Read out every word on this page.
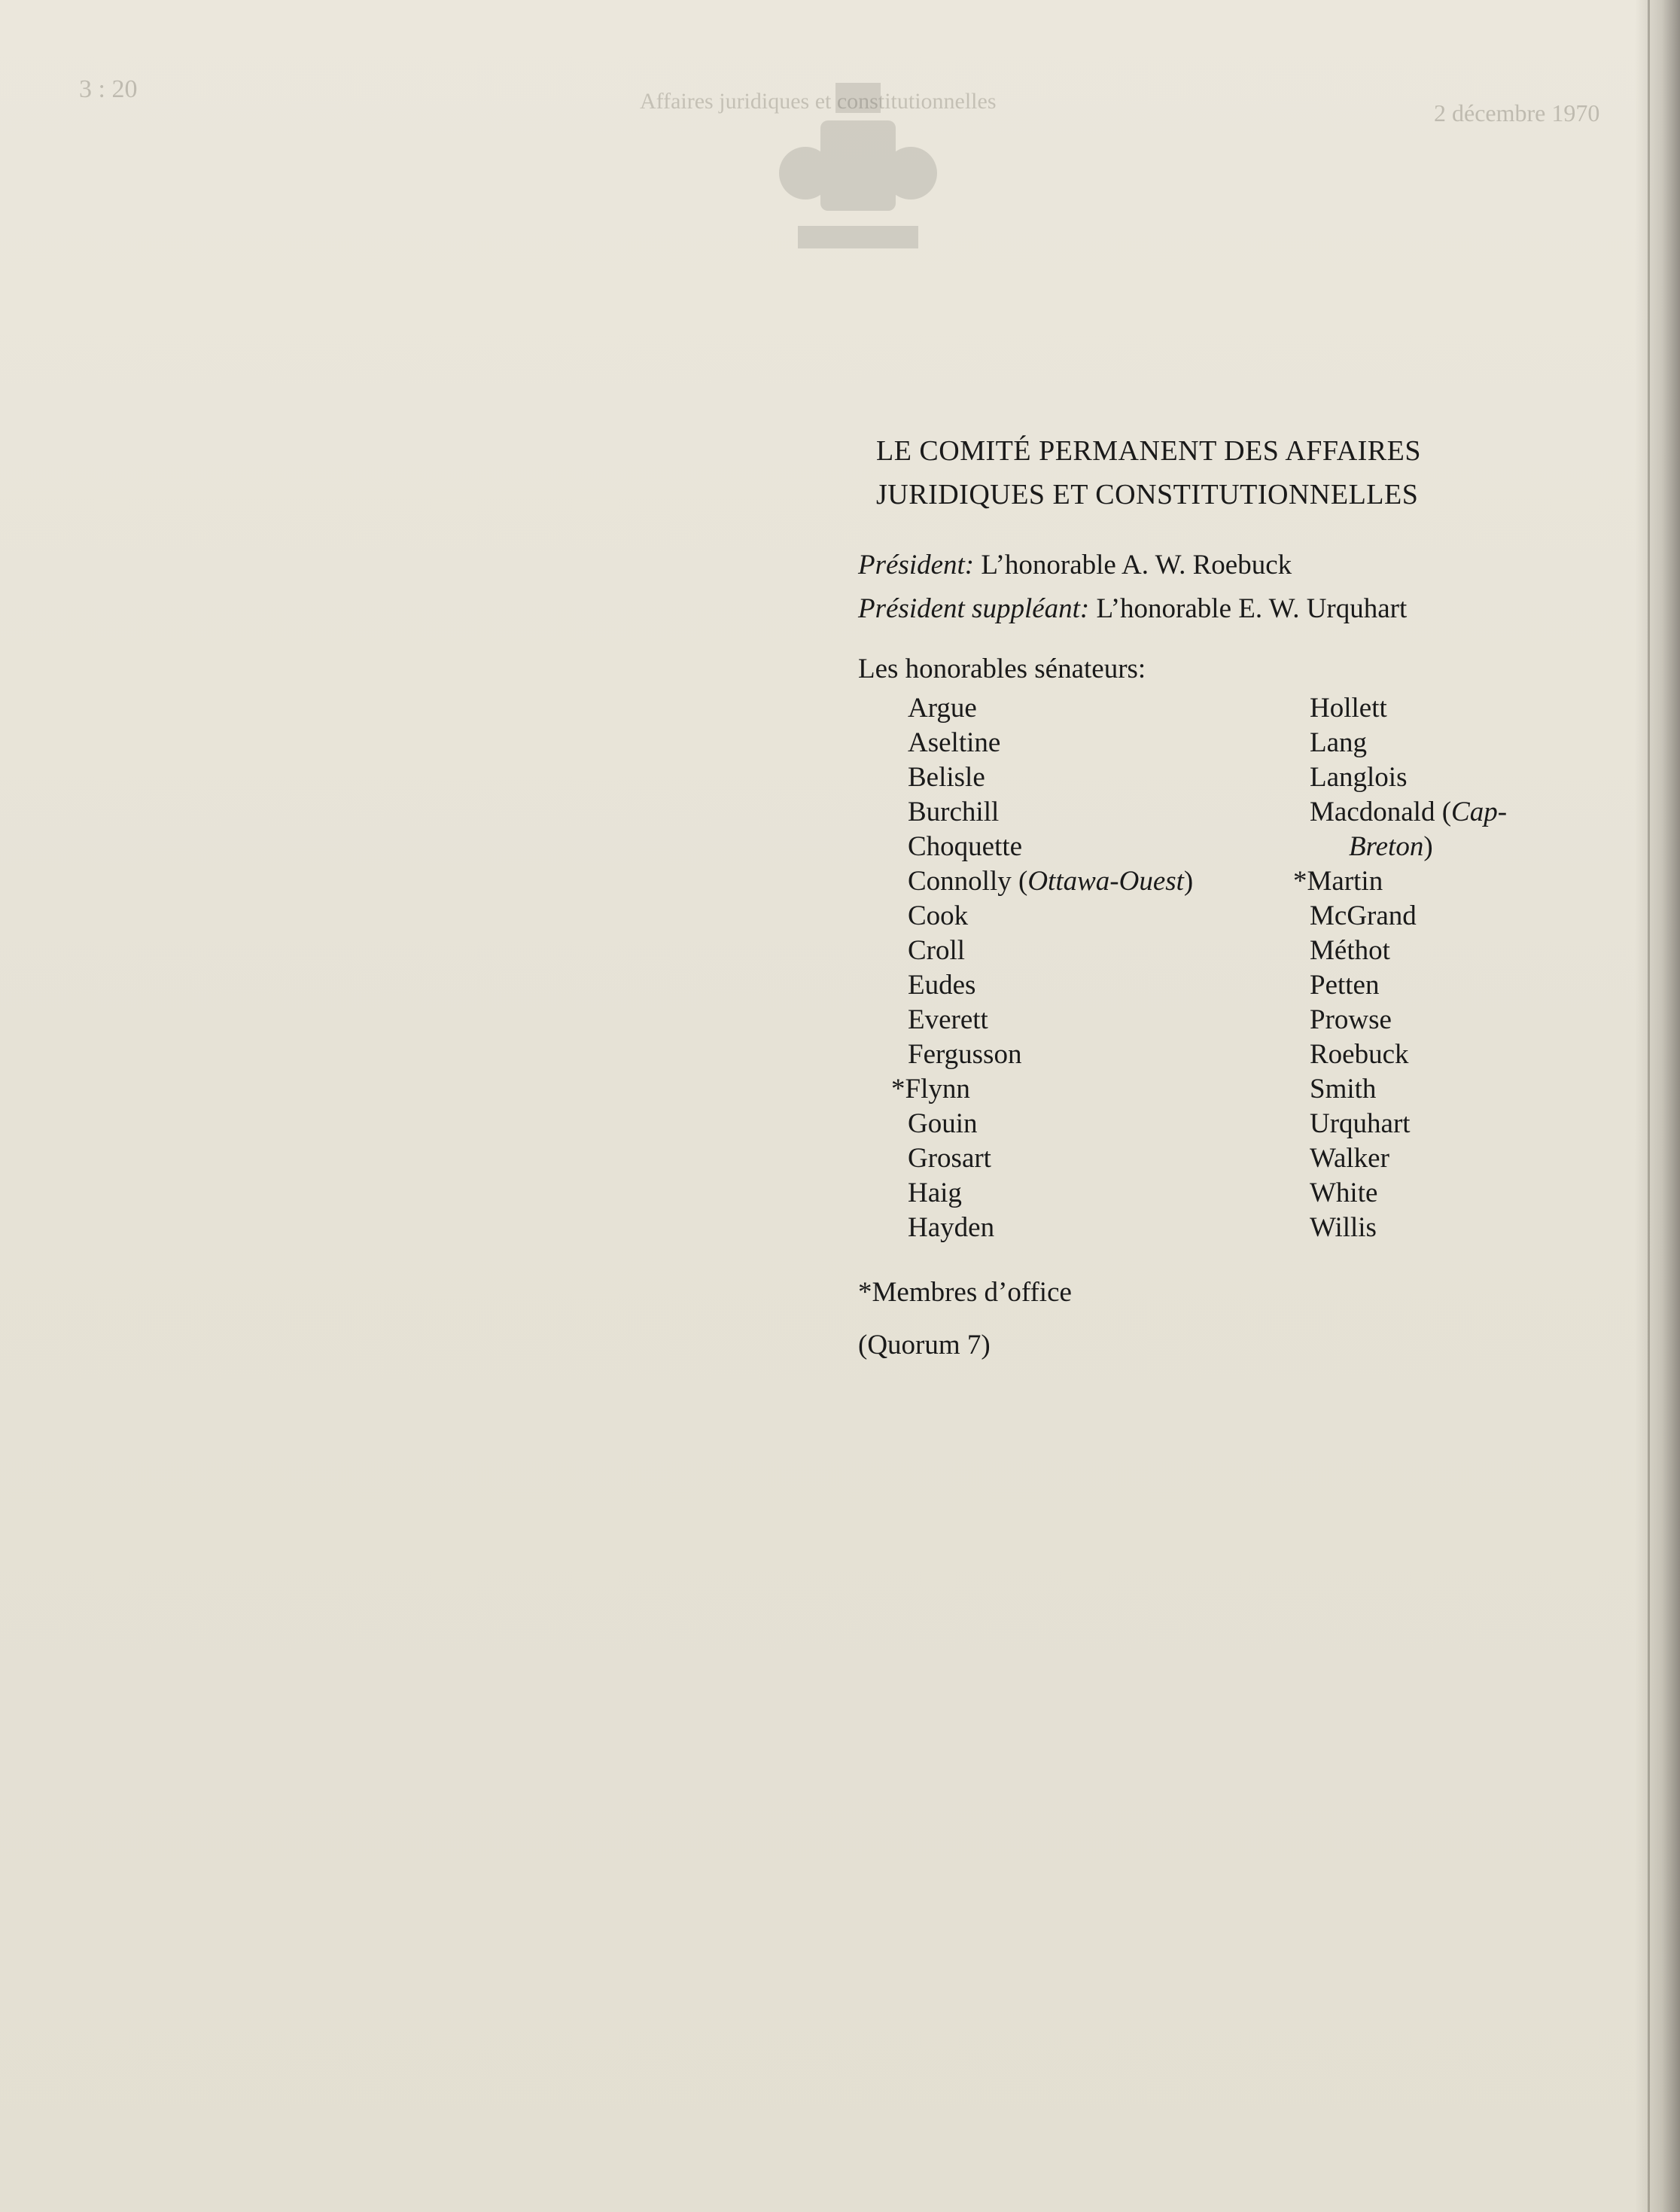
3 : 20	Affaires juridiques et constitutionnelles	2 décembre 1970
LE COMITÉ PERMANENT DES AFFAIRES
JURIDIQUES ET CONSTITUTIONNELLES

Président: L’honorable A. W. Roebuck

Président suppléant: L’honorable E. W. Urquhart

Les honorables sénateurs:
Argue
Aseltine
Belisle
Burchill
Choquette
Connolly (Ottawa-Ouest)
Cook
Croll
Eudes
Everett
Fergusson
*Flynn
Gouin
Grosart
Haig
Hayden
Hollett
Lang
Langlois
Macdonald (Cap-
Breton)
*Martin
McGrand
Méthot
Petten
Prowse
Roebuck
Smith
Urquhart
Walker
White
Willis
*Membres d’office
(Quorum 7)
